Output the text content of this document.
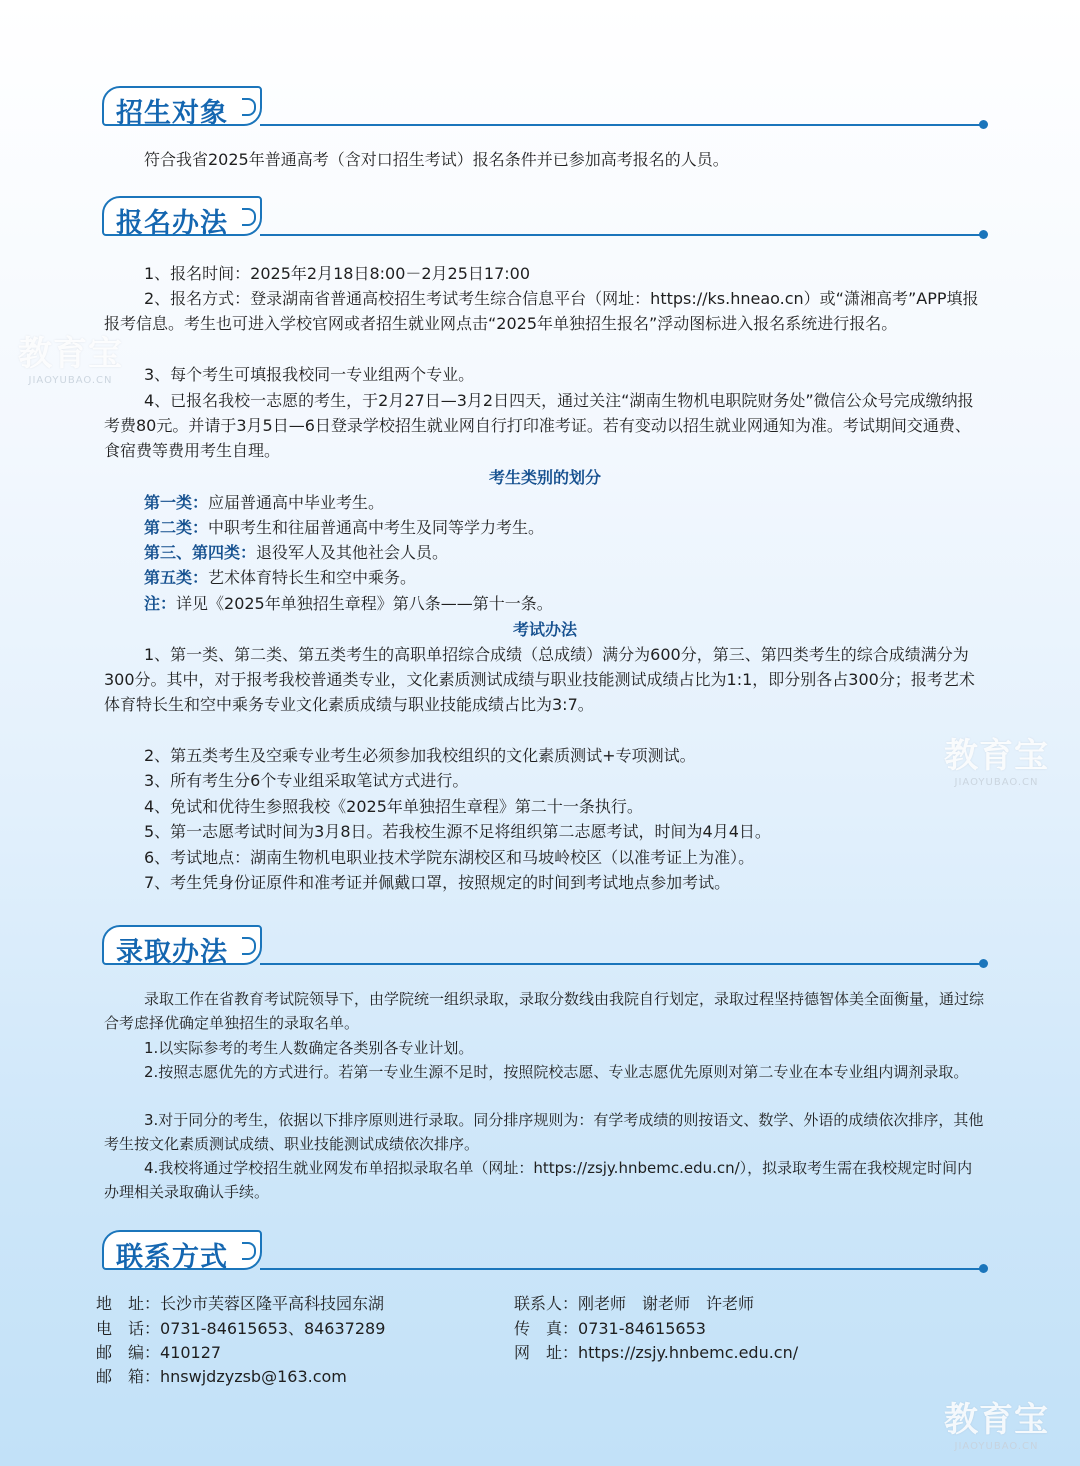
招生对象

符合我省2025年普通高考（含对口招生考试）报名条件并已参加高考报名的人员。

报名办法

1、报名时间：2025年2月18日8:00－2月25日17:00

2、报名方式：登录湖南省普通高校招生考试考生综合信息平台（网址：https://ks.hneao.cn）或“潇湘高考”APP填报报考信息。考生也可进入学校官网或者招生就业网点击“2025年单独招生报名”浮动图标进入报名系统进行报名。

3、每个考生可填报我校同一专业组两个专业。

4、已报名我校一志愿的考生，于2月27日—3月2日四天，通过关注“湖南生物机电职院财务处”微信公众号完成缴纳报考费80元。并请于3月5日—6日登录学校招生就业网自行打印准考证。若有变动以招生就业网通知为准。考试期间交通费、食宿费等费用考生自理。

考生类别的划分
第一类：应届普通高中毕业考生。
第二类：中职考生和往届普通高中考生及同等学力考生。
第三、第四类：退役军人及其他社会人员。
第五类：艺术体育特长生和空中乘务。
注：详见《2025年单独招生章程》第八条——第十一条。
考试办法

1、第一类、第二类、第五类考生的高职单招综合成绩（总成绩）满分为600分，第三、第四类考生的综合成绩满分为300分。其中，对于报考我校普通类专业，文化素质测试成绩与职业技能测试成绩占比为1:1，即分别各占300分；报考艺术体育特长生和空中乘务专业文化素质成绩与职业技能成绩占比为3:7。

2、第五类考生及空乘专业考生必须参加我校组织的文化素质测试+专项测试。

3、所有考生分6个专业组采取笔试方式进行。

4、免试和优待生参照我校《2025年单独招生章程》第二十一条执行。

5、第一志愿考试时间为3月8日。若我校生源不足将组织第二志愿考试，时间为4月4日。

6、考试地点：湖南生物机电职业技术学院东湖校区和马坡岭校区（以准考证上为准）。

7、考生凭身份证原件和准考证并佩戴口罩，按照规定的时间到考试地点参加考试。

录取办法

录取工作在省教育考试院领导下，由学院统一组织录取，录取分数线由我院自行划定，录取过程坚持德智体美全面衡量，通过综合考虑择优确定单独招生的录取名单。

1.以实际参考的考生人数确定各类别各专业计划。

2.按照志愿优先的方式进行。若第一专业生源不足时，按照院校志愿、专业志愿优先原则对第二专业在本专业组内调剂录取。

3.对于同分的考生，依据以下排序原则进行录取。同分排序规则为：有学考成绩的则按语文、数学、外语的成绩依次排序，其他考生按文化素质测试成绩、职业技能测试成绩依次排序。

4.我校将通过学校招生就业网发布单招拟录取名单（网址：https://zsjy.hnbemc.edu.cn/），拟录取考生需在我校规定时间内办理相关录取确认手续。

联系方式
地　址：长沙市芙蓉区隆平高科技园东湖
电　话：0731-84615653、84637289
邮　编：410127
邮　箱：hnswjdzyzsb@163.com
联系人：刚老师　谢老师　许老师
传　真：0731-84615653
网　址：https://zsjy.hnbemc.edu.cn/
教育宝
JIAOYUBAO.CN
教育宝
JIAOYUBAO.CN
教育宝
JIAOYUBAO.CN
